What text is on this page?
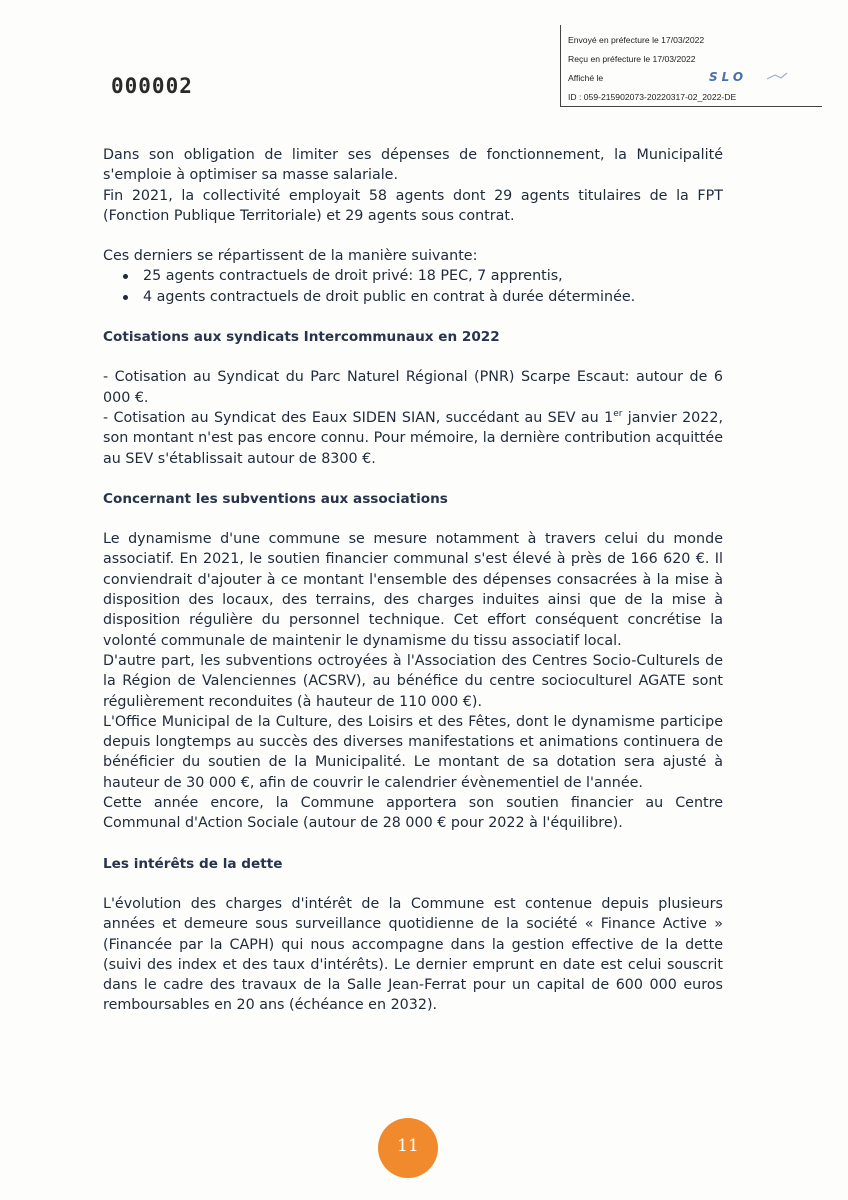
Envoyé en préfecture le 17/03/2022
Reçu en préfecture le 17/03/2022
Affiché le
ID : 059-215902073-20220317-02_2022-DE
SLO
000002

Dans son obligation de limiter ses dépenses de fonctionnement, la Municipalité s'emploie à optimiser sa masse salariale.

Fin 2021, la collectivité employait 58 agents dont 29 agents titulaires de la FPT (Fonction Publique Territoriale) et 29 agents sous contrat.

Ces derniers se répartissent de la manière suivante:

25 agents contractuels de droit privé: 18 PEC, 7 apprentis,
4 agents contractuels de droit public en contrat à durée déterminée.

Cotisations aux syndicats Intercommunaux en 2022

- Cotisation au Syndicat du Parc Naturel Régional (PNR) Scarpe Escaut: autour de 6 000 €.

- Cotisation au Syndicat des Eaux SIDEN SIAN, succédant au SEV au 1er janvier 2022, son montant n'est pas encore connu. Pour mémoire, la dernière contribution acquittée au SEV s'établissait autour de 8300 €.

Concernant les subventions aux associations

Le dynamisme d'une commune se mesure notamment à travers celui du monde associatif. En 2021, le soutien financier communal s'est élevé à près de 166 620 €. Il conviendrait d'ajouter à ce montant l'ensemble des dépenses consacrées à la mise à disposition des locaux, des terrains, des charges induites ainsi que de la mise à disposition régulière du personnel technique. Cet effort conséquent concrétise la volonté communale de maintenir le dynamisme du tissu associatif local.

D'autre part, les subventions octroyées à l'Association des Centres Socio-Culturels de la Région de Valenciennes (ACSRV), au bénéfice du centre socioculturel AGATE sont régulièrement reconduites (à hauteur de 110 000 €).

L'Office Municipal de la Culture, des Loisirs et des Fêtes, dont le dynamisme participe depuis longtemps au succès des diverses manifestations et animations continuera de bénéficier du soutien de la Municipalité. Le montant de sa dotation sera ajusté à hauteur de 30 000 €, afin de couvrir le calendrier évènementiel de l'année.

Cette année encore, la Commune apportera son soutien financier au Centre Communal d'Action Sociale (autour de 28 000 € pour 2022 à l'équilibre).

Les intérêts de la dette

L'évolution des charges d'intérêt de la Commune est contenue depuis plusieurs années et demeure sous surveillance quotidienne de la société « Finance Active » (Financée par la CAPH) qui nous accompagne dans la gestion effective de la dette (suivi des index et des taux d'intérêts). Le dernier emprunt en date est celui souscrit dans le cadre des travaux de la Salle Jean-Ferrat pour un capital de 600 000 euros remboursables en 20 ans (échéance en 2032).

11
